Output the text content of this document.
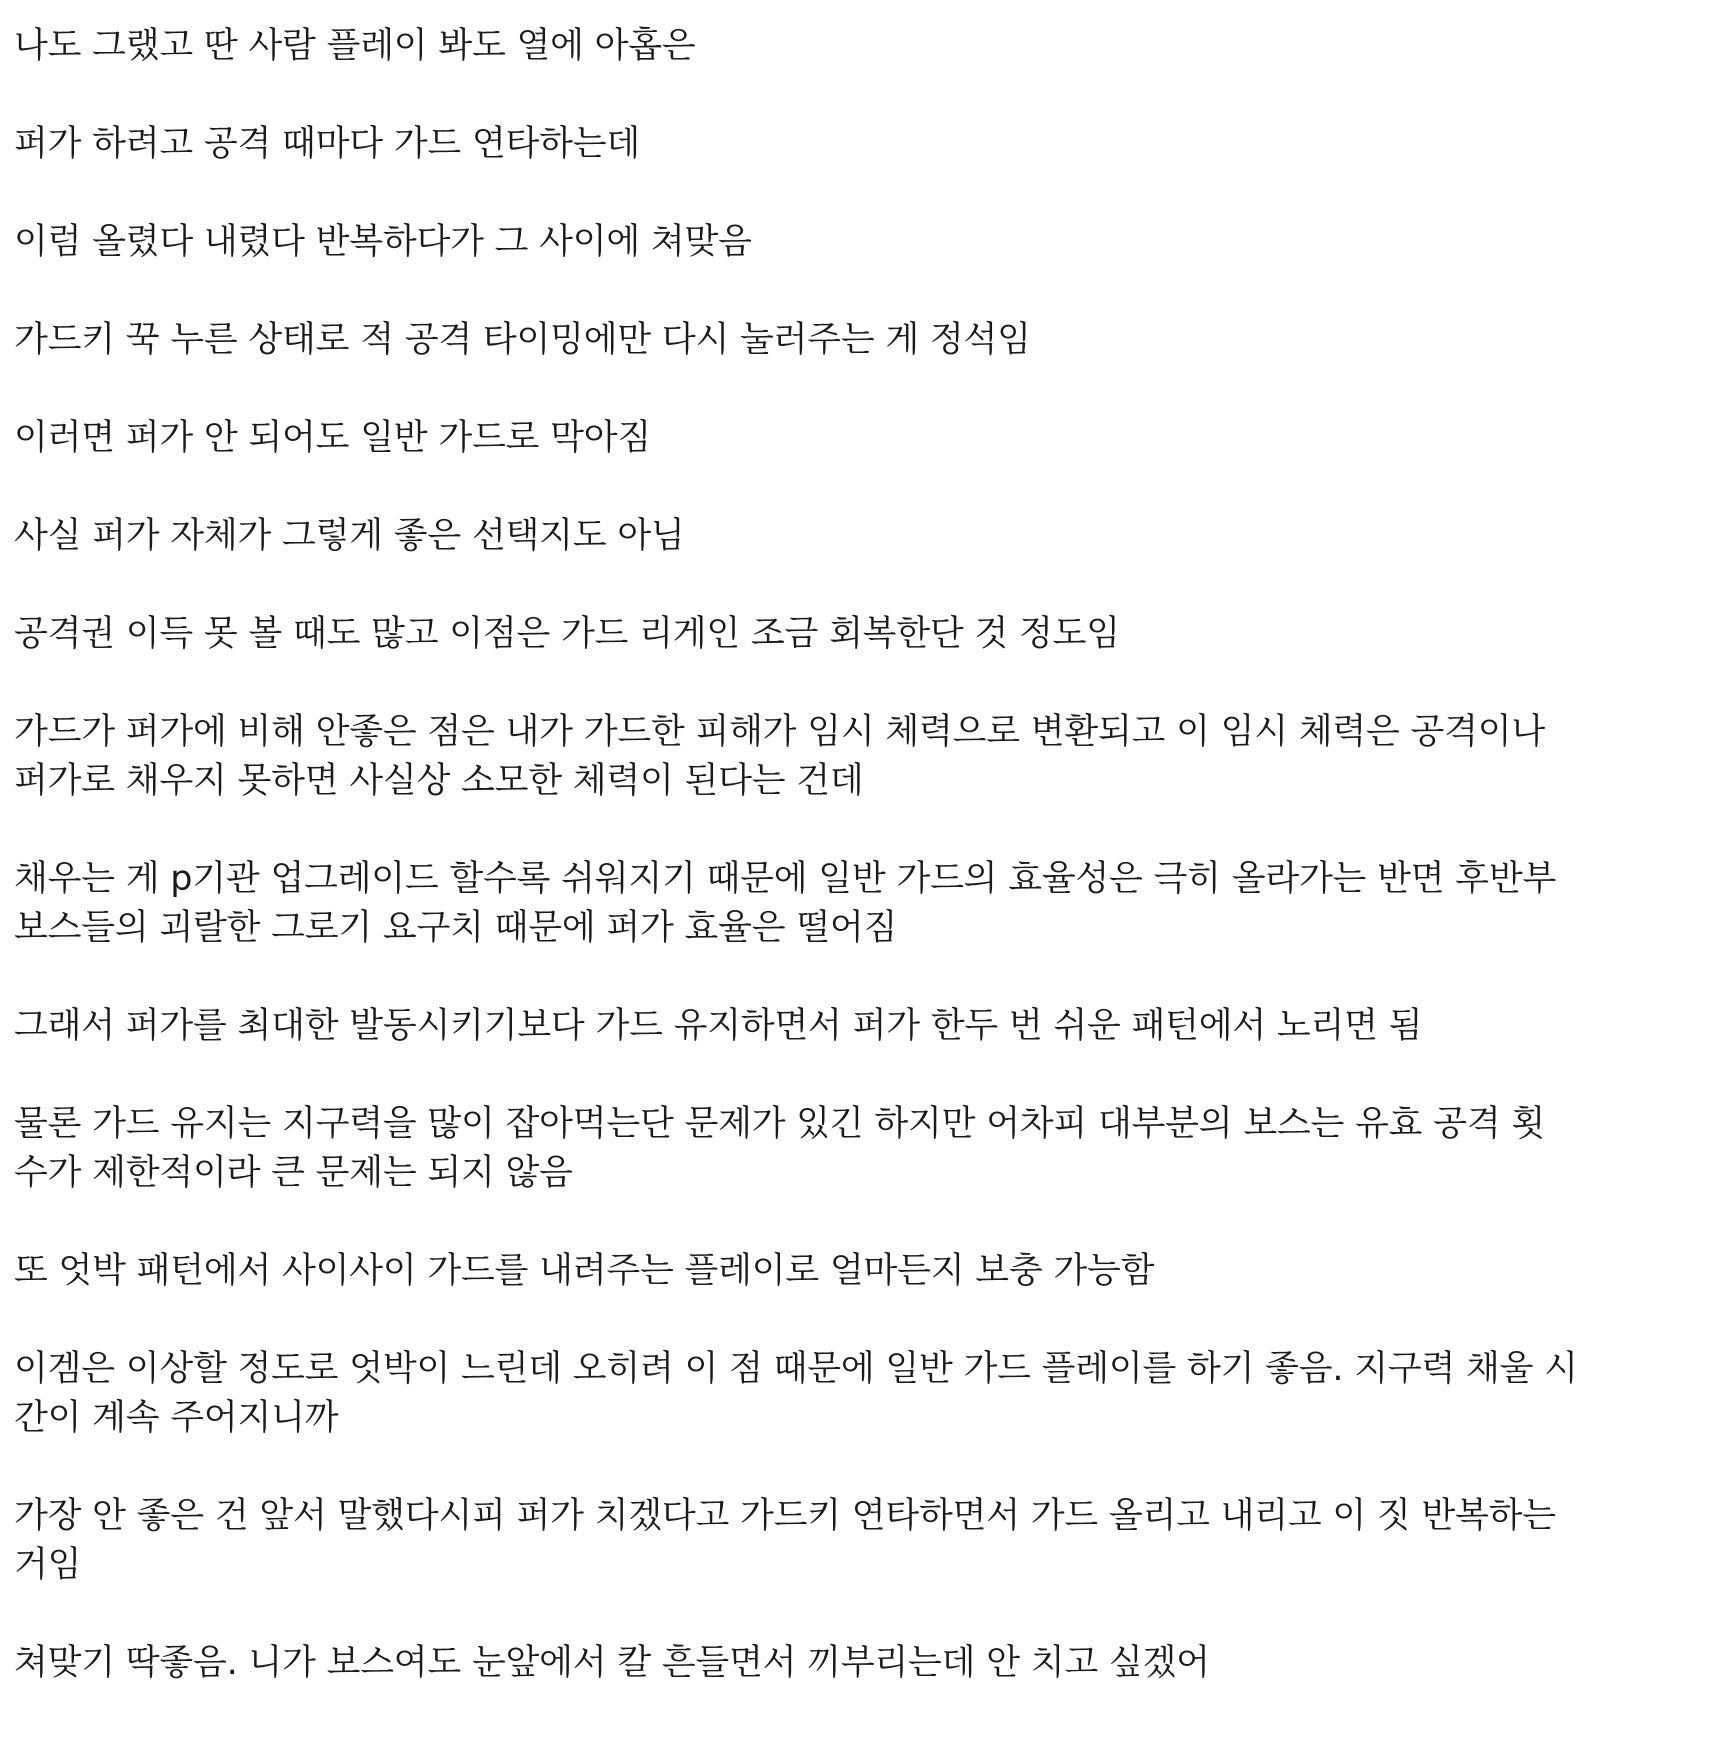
나도 그랬고 딴 사람 플레이 봐도 열에 아홉은

퍼가 하려고 공격 때마다 가드 연타하는데

이럼 올렸다 내렸다 반복하다가 그 사이에 쳐맞음

가드키 꾹 누른 상태로 적 공격 타이밍에만 다시 눌러주는 게 정석임

이러면 퍼가 안 되어도 일반 가드로 막아짐

사실 퍼가 자체가 그렇게 좋은 선택지도 아님

공격권 이득 못 볼 때도 많고 이점은 가드 리게인 조금 회복한단 것 정도임

가드가 퍼가에 비해 안좋은 점은 내가 가드한 피해가 임시 체력으로 변환되고 이 임시 체력은 공격이나
퍼가로 채우지 못하면 사실상 소모한 체력이 된다는 건데

채우는 게 p기관 업그레이드 할수록 쉬워지기 때문에 일반 가드의 효율성은 극히 올라가는 반면 후반부
보스들의 괴랄한 그로기 요구치 때문에 퍼가 효율은 떨어짐

그래서 퍼가를 최대한 발동시키기보다 가드 유지하면서 퍼가 한두 번 쉬운 패턴에서 노리면 됨

물론 가드 유지는 지구력을 많이 잡아먹는단 문제가 있긴 하지만 어차피 대부분의 보스는 유효 공격 횟
수가 제한적이라 큰 문제는 되지 않음

또 엇박 패턴에서 사이사이 가드를 내려주는 플레이로 얼마든지 보충 가능함

이겜은 이상할 정도로 엇박이 느린데 오히려 이 점 때문에 일반 가드 플레이를 하기 좋음. 지구력 채울 시
간이 계속 주어지니까

가장 안 좋은 건 앞서 말했다시피 퍼가 치겠다고 가드키 연타하면서 가드 올리고 내리고 이 짓 반복하는
거임

쳐맞기 딱좋음. 니가 보스여도 눈앞에서 칼 흔들면서 끼부리는데 안 치고 싶겠어
